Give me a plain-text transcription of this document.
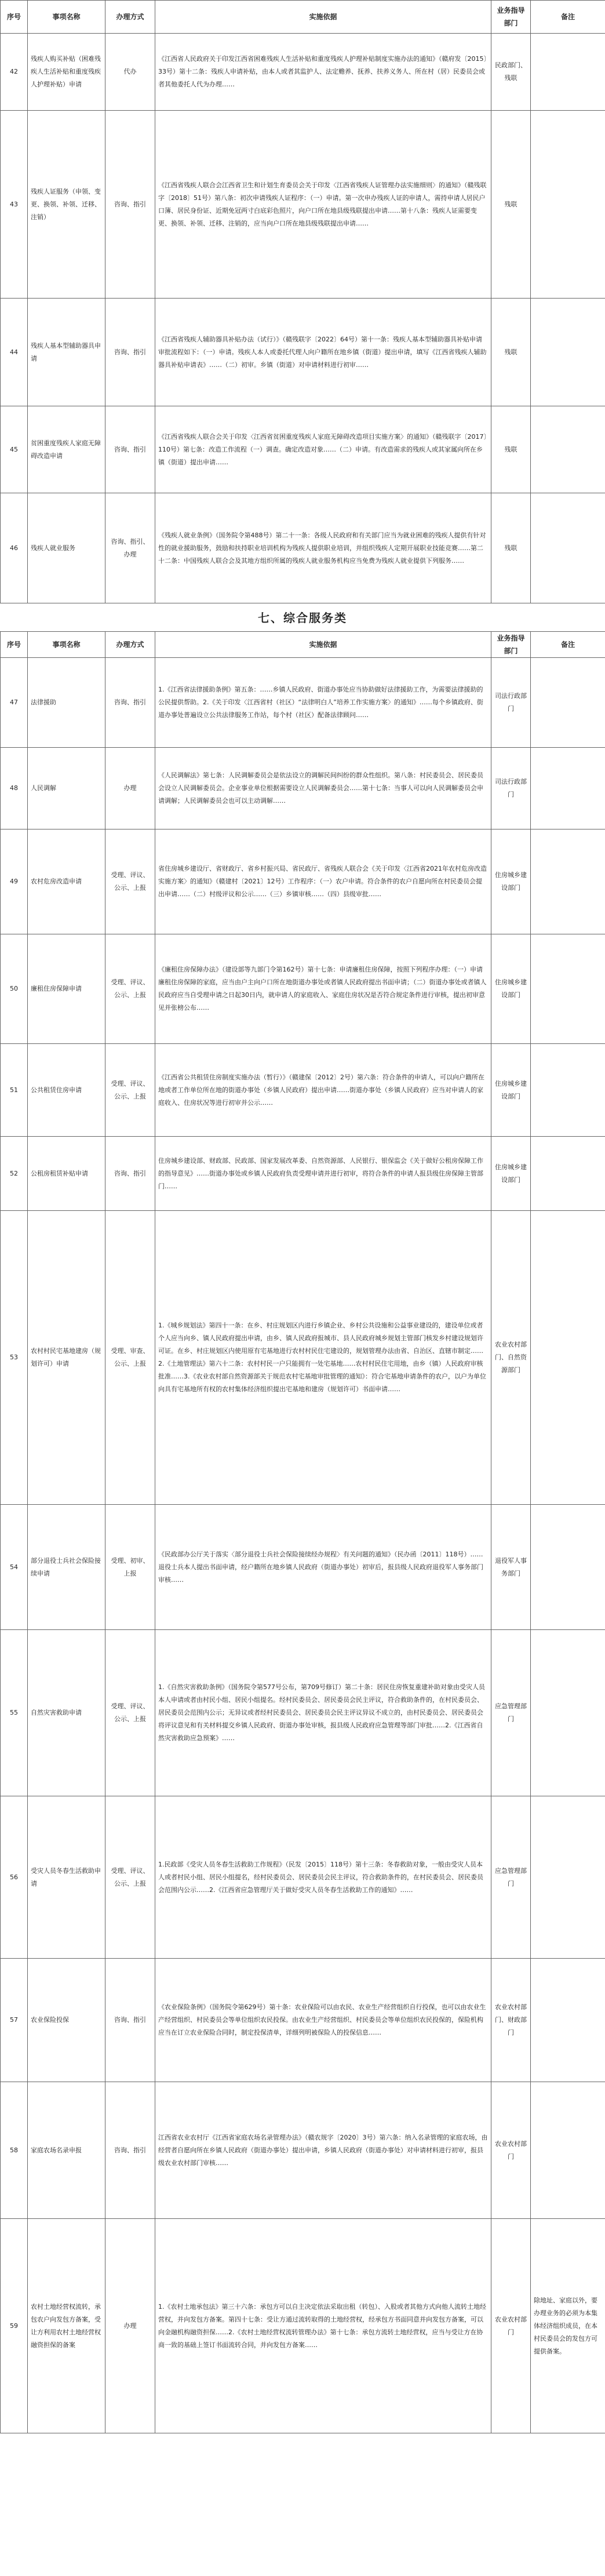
序号	事项名称	办理方式	实施依据	业务指导部门	备注
42	残疾人购买补贴（困难残疾人生活补贴和重度残疾人护理补贴）申请	代办	《江西省人民政府关于印发江西省困难残疾人生活补贴和重度残疾人护理补贴制度实施办法的通知》（赣府发〔2015〕33号）第十二条：残疾人申请补贴，由本人或者其监护人、法定赡养、抚养、扶养义务人、所在村（居）民委员会或者其他委托人代为办理……	民政部门、残联	
43	残疾人证服务（申领、变更、换领、补领、迁移、注销）	咨询、指引	《江西省残疾人联合会江西省卫生和计划生育委员会关于印发〈江西省残疾人证管理办法实施细则〉的通知》（赣残联字〔2018〕51号）第八条：初次申请残疾人证程序：（一）申请。第一次申办残疾人证的申请人，需持申请人居民户口簿、居民身份证、近期免冠两寸白底彩色照片，向户口所在地县级残联提出申请……第十八条：残疾人证需要变更、换领、补领、迁移、注销的，应当向户口所在地县级残联提出申请……	残联	
44	残疾人基本型辅助器具申请	咨询、指引	《江西省残疾人辅助器具补贴办法（试行）》（赣残联字〔2022〕64号）第十一条：残疾人基本型辅助器具补贴申请审批流程如下：（一）申请。残疾人本人或委托代理人向户籍所在地乡镇（街道）提出申请，填写《江西省残疾人辅助器具补贴申请表》……（二）初审。乡镇（街道）对申请材料进行初审……	残联	
45	贫困重度残疾人家庭无障碍改造申请	咨询、指引	《江西省残疾人联合会关于印发〈江西省贫困重度残疾人家庭无障碍改造项目实施方案〉的通知》（赣残联字〔2017〕110号）第七条：改造工作流程（一）调查。确定改造对象……（二）申请。有改造需求的残疾人或其家属向所在乡镇（街道）提出申请……	残联	
46	残疾人就业服务	咨询、指引、办理	《残疾人就业条例》（国务院令第488号）第二十一条：各级人民政府和有关部门应当为就业困难的残疾人提供有针对性的就业援助服务，鼓励和扶持职业培训机构为残疾人提供职业培训，并组织残疾人定期开展职业技能竞赛……第二十二条：中国残疾人联合会及其地方组织所属的残疾人就业服务机构应当免费为残疾人就业提供下列服务……	残联	
七、综合服务类
序号	事项名称	办理方式	实施依据	业务指导部门	备注
47	法律援助	咨询、指引	1.《江西省法律援助条例》第五条：……乡镇人民政府、街道办事处应当协助做好法律援助工作，为需要法律援助的公民提供帮助。2.《关于印发〈江西省村（社区）“法律明白人”培养工作实施方案〉的通知》……每个乡镇政府、街道办事处普遍设立公共法律服务工作站，每个村（社区）配备法律顾问……	司法行政部门	
48	人民调解	办理	《人民调解法》第七条：人民调解委员会是依法设立的调解民间纠纷的群众性组织。第八条：村民委员会、居民委员会设立人民调解委员会。企业事业单位根据需要设立人民调解委员会……第十七条：当事人可以向人民调解委员会申请调解；人民调解委员会也可以主动调解……	司法行政部门	
49	农村危房改造申请	受理、评议、公示、上报	省住房城乡建设厅、省财政厅、省乡村振兴局、省民政厅、省残疾人联合会《关于印发〈江西省2021年农村危房改造实施方案〉的通知》（赣建村〔2021〕12号）工作程序：（一）农户申请。符合条件的农户自愿向所在村民委员会提出申请……（二）村级评议和公示……（三）乡镇审核……（四）县级审批……	住房城乡建设部门	
50	廉租住房保障申请	受理、评议、公示、上报	《廉租住房保障办法》（建设部等九部门令第162号）第十七条：申请廉租住房保障，按照下列程序办理：（一）申请廉租住房保障的家庭，应当由户主向户口所在地街道办事处或者镇人民政府提出书面申请；（二）街道办事处或者镇人民政府应当自受理申请之日起30日内，就申请人的家庭收入、家庭住房状况是否符合规定条件进行审核，提出初审意见并张榜公布……	住房城乡建设部门	
51	公共租赁住房申请	受理、评议、公示、上报	《江西省公共租赁住房制度实施办法（暂行）》（赣建保〔2012〕2号）第六条：符合条件的申请人，可以向户籍所在地或者工作单位所在地的街道办事处（乡镇人民政府）提出申请……街道办事处（乡镇人民政府）应当对申请人的家庭收入、住房状况等进行初审并公示……	住房城乡建设部门	
52	公租房租赁补贴申请	咨询、指引	住房城乡建设部、财政部、民政部、国家发展改革委、自然资源部、人民银行、银保监会《关于做好公租房保障工作的指导意见》……街道办事处或乡镇人民政府负责受理申请并进行初审，将符合条件的申请人报县级住房保障主管部门……	住房城乡建设部门	
53	农村村民宅基地建房（规划许可）申请	受理、审查、公示、上报	1.《城乡规划法》第四十一条：在乡、村庄规划区内进行乡镇企业、乡村公共设施和公益事业建设的，建设单位或者个人应当向乡、镇人民政府提出申请，由乡、镇人民政府报城市、县人民政府城乡规划主管部门核发乡村建设规划许可证。在乡、村庄规划区内使用原有宅基地进行农村村民住宅建设的，规划管理办法由省、自治区、直辖市制定……2.《土地管理法》第六十二条：农村村民一户只能拥有一处宅基地……农村村民住宅用地，由乡（镇）人民政府审核批准……3.《农业农村部自然资源部关于规范农村宅基地审批管理的通知》：符合宅基地申请条件的农户，以户为单位向具有宅基地所有权的农村集体经济组织提出宅基地和建房（规划许可）书面申请……	农业农村部门、自然资源部门	
54	部分退役士兵社会保险接续申请	受理、初审、上报	《民政部办公厅关于落实〈部分退役士兵社会保险接续经办规程〉有关问题的通知》（民办函〔2011〕118号）……退役士兵本人提出书面申请，经户籍所在地乡镇人民政府（街道办事处）初审后，报县级人民政府退役军人事务部门审核……	退役军人事务部门	
55	自然灾害救助申请	受理、评议、公示、上报	1.《自然灾害救助条例》（国务院令第577号公布，第709号修订）第二十条：居民住房恢复重建补助对象由受灾人员本人申请或者由村民小组、居民小组提名。经村民委员会、居民委员会民主评议，符合救助条件的，在村民委员会、居民委员会范围内公示；无异议或者经村民委员会、居民委员会民主评议异议不成立的，由村民委员会、居民委员会将评议意见和有关材料提交乡镇人民政府、街道办事处审核，报县级人民政府应急管理等部门审批……2.《江西省自然灾害救助应急预案》……	应急管理部门	
56	受灾人员冬春生活救助申请	受理、评议、公示、上报	1.民政部《受灾人员冬春生活救助工作规程》（民发〔2015〕118号）第十三条：冬春救助对象，一般由受灾人员本人或者村民小组、居民小组提名，经村民委员会、居民委员会民主评议，符合救助条件的，在村民委员会、居民委员会范围内公示……2.《江西省应急管理厅关于做好受灾人员冬春生活救助工作的通知》……	应急管理部门	
57	农业保险投保	咨询、指引	《农业保险条例》（国务院令第629号）第十条：农业保险可以由农民、农业生产经营组织自行投保，也可以由农业生产经营组织、村民委员会等单位组织农民投保。由农业生产经营组织、村民委员会等单位组织农民投保的，保险机构应当在订立农业保险合同时，制定投保清单，详细列明被保险人的投保信息……	农业农村部门、财政部门	
58	家庭农场名录申报	咨询、指引	江西省农业农村厅《江西省家庭农场名录管理办法》（赣农规字〔2020〕3号）第六条：纳入名录管理的家庭农场，由经营者自愿向所在乡镇人民政府（街道办事处）提出申请，乡镇人民政府（街道办事处）对申请材料进行初审，报县级农业农村部门审核……	农业农村部门	
59	农村土地经营权流转，承包农户向发包方备案，受让方利用农村土地经营权融资担保的备案	办理	1.《农村土地承包法》第三十六条：承包方可以自主决定依法采取出租（转包）、入股或者其他方式向他人流转土地经营权，并向发包方备案。第四十七条：受让方通过流转取得的土地经营权，经承包方书面同意并向发包方备案，可以向金融机构融资担保……2.《农村土地经营权流转管理办法》第十七条：承包方流转土地经营权，应当与受让方在协商一致的基础上签订书面流转合同，并向发包方备案……	农业农村部门	除地址、家庭以外，要办理业务的必须为本集体经济组织成员，在本村民委员会的发包方可提供备案。
